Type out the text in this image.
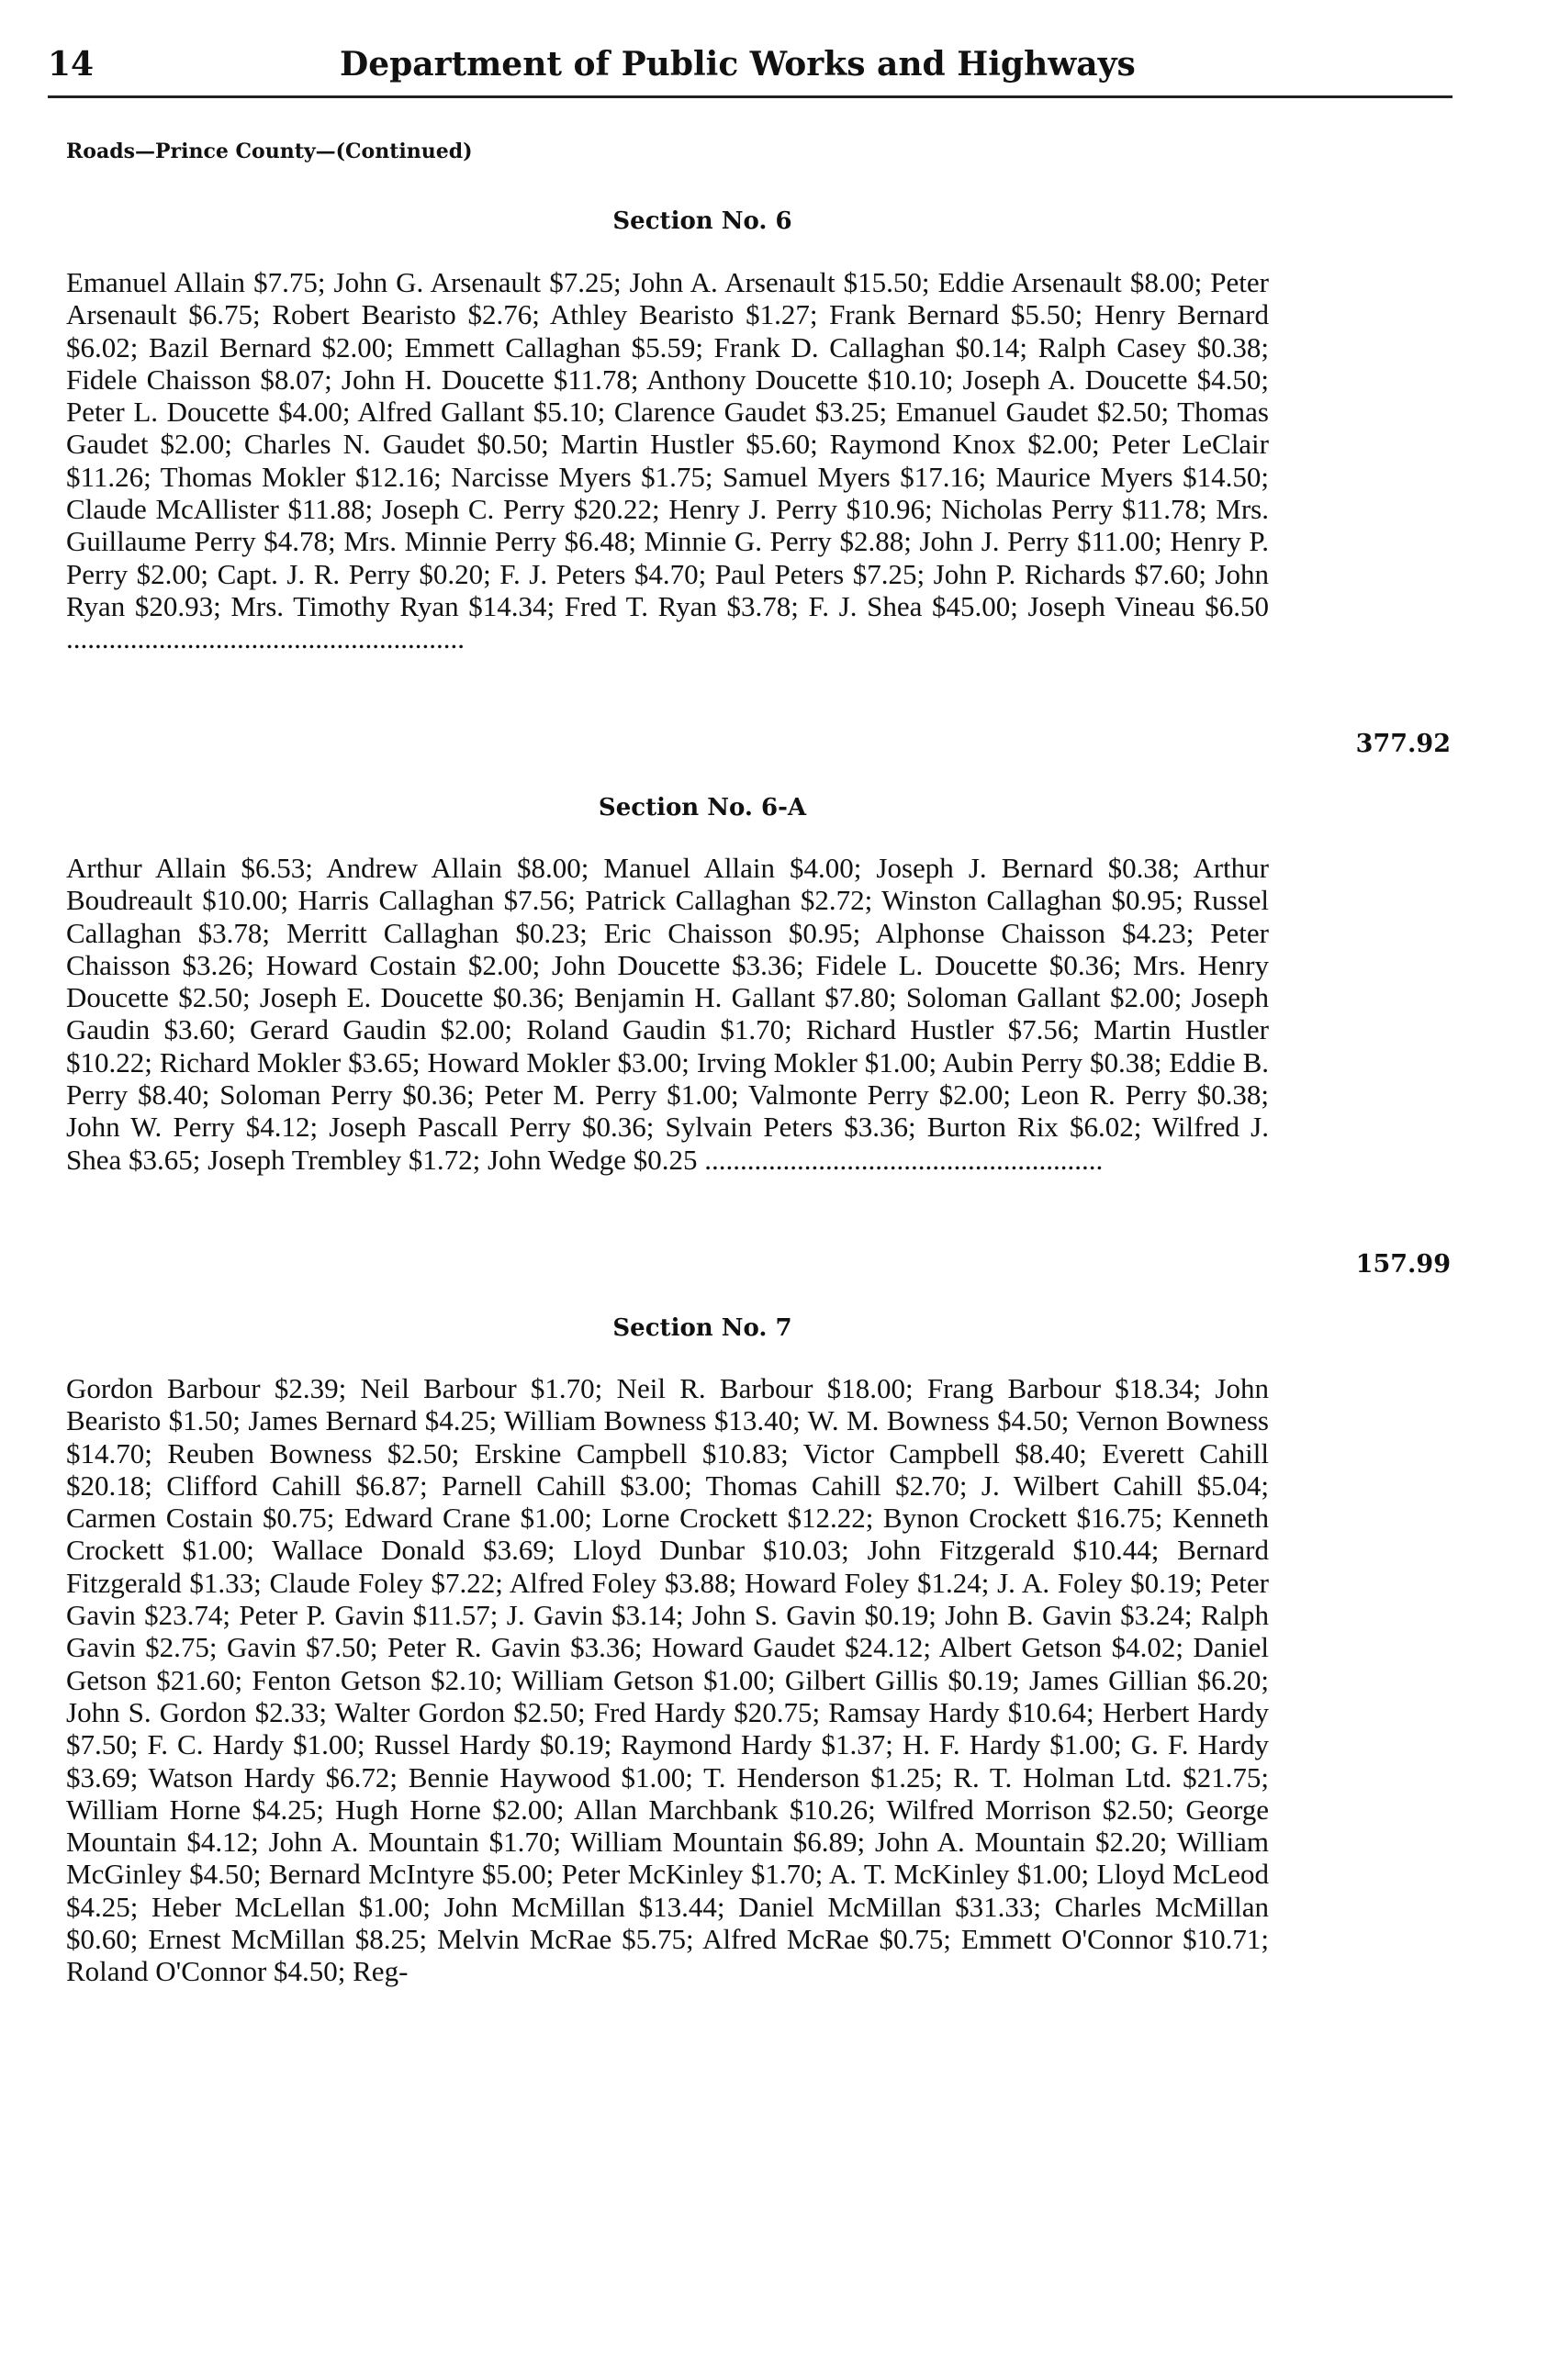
14	Department of Public Works and Highways
Roads—Prince County—(Continued)
Section No. 6
Emanuel Allain $7.75; John G. Arsenault $7.25; John A. Arsenault $15.50; Eddie Arsenault $8.00; Peter Arsenault $6.75; Robert Bearisto $2.76; Athley Bearisto $1.27; Frank Bernard $5.50; Henry Bernard $6.02; Bazil Bernard $2.00; Emmett Callaghan $5.59; Frank D. Callaghan $0.14; Ralph Casey $0.38; Fidele Chaisson $8.07; John H. Doucette $11.78; Anthony Doucette $10.10; Joseph A. Doucette $4.50; Peter L. Doucette $4.00; Alfred Gallant $5.10; Clarence Gaudet $3.25; Emanuel Gaudet $2.50; Thomas Gaudet $2.00; Charles N. Gaudet $0.50; Martin Hustler $5.60; Raymond Knox $2.00; Peter LeClair $11.26; Thomas Mokler $12.16; Narcisse Myers $1.75; Samuel Myers $17.16; Maurice Myers $14.50; Claude McAllister $11.88; Joseph C. Perry $20.22; Henry J. Perry $10.96; Nicholas Perry $11.78; Mrs. Guillaume Perry $4.78; Mrs. Minnie Perry $6.48; Minnie G. Perry $2.88; John J. Perry $11.00; Henry P. Perry $2.00; Capt. J. R. Perry $0.20; F. J. Peters $4.70; Paul Peters $7.25; John P. Richards $7.60; John Ryan $20.93; Mrs. Timothy Ryan $14.34; Fred T. Ryan $3.78; F. J. Shea $45.00; Joseph Vineau $6.50 ........................................................
377.92
Section No. 6-A
Arthur Allain $6.53; Andrew Allain $8.00; Manuel Allain $4.00; Joseph J. Bernard $0.38; Arthur Boudreault $10.00; Harris Callaghan $7.56; Patrick Callaghan $2.72; Winston Callaghan $0.95; Russel Callaghan $3.78; Merritt Callaghan $0.23; Eric Chaisson $0.95; Alphonse Chaisson $4.23; Peter Chaisson $3.26; Howard Costain $2.00; John Doucette $3.36; Fidele L. Doucette $0.36; Mrs. Henry Doucette $2.50; Joseph E. Doucette $0.36; Benjamin H. Gallant $7.80; Soloman Gallant $2.00; Joseph Gaudin $3.60; Gerard Gaudin $2.00; Roland Gaudin $1.70; Richard Hustler $7.56; Martin Hustler $10.22; Richard Mokler $3.65; Howard Mokler $3.00; Irving Mokler $1.00; Aubin Perry $0.38; Eddie B. Perry $8.40; Soloman Perry $0.36; Peter M. Perry $1.00; Valmonte Perry $2.00; Leon R. Perry $0.38; John W. Perry $4.12; Joseph Pascall Perry $0.36; Sylvain Peters $3.36; Burton Rix $6.02; Wilfred J. Shea $3.65; Joseph Trembley $1.72; John Wedge $0.25 ........................................................
157.99
Section No. 7
Gordon Barbour $2.39; Neil Barbour $1.70; Neil R. Barbour $18.00; Frang Barbour $18.34; John Bearisto $1.50; James Bernard $4.25; William Bowness $13.40; W. M. Bowness $4.50; Vernon Bowness $14.70; Reuben Bowness $2.50; Erskine Campbell $10.83; Victor Campbell $8.40; Everett Cahill $20.18; Clifford Cahill $6.87; Parnell Cahill $3.00; Thomas Cahill $2.70; J. Wilbert Cahill $5.04; Carmen Costain $0.75; Edward Crane $1.00; Lorne Crockett $12.22; Bynon Crockett $16.75; Kenneth Crockett $1.00; Wallace Donald $3.69; Lloyd Dunbar $10.03; John Fitzgerald $10.44; Bernard Fitzgerald $1.33; Claude Foley $7.22; Alfred Foley $3.88; Howard Foley $1.24; J. A. Foley $0.19; Peter Gavin $23.74; Peter P. Gavin $11.57; J. Gavin $3.14; John S. Gavin $0.19; John B. Gavin $3.24; Ralph Gavin $2.75; Gavin $7.50; Peter R. Gavin $3.36; Howard Gaudet $24.12; Albert Getson $4.02; Daniel Getson $21.60; Fenton Getson $2.10; William Getson $1.00; Gilbert Gillis $0.19; James Gillian $6.20; John S. Gordon $2.33; Walter Gordon $2.50; Fred Hardy $20.75; Ramsay Hardy $10.64; Herbert Hardy $7.50; F. C. Hardy $1.00; Russel Hardy $0.19; Raymond Hardy $1.37; H. F. Hardy $1.00; G. F. Hardy $3.69; Watson Hardy $6.72; Bennie Haywood $1.00; T. Henderson $1.25; R. T. Holman Ltd. $21.75; William Horne $4.25; Hugh Horne $2.00; Allan Marchbank $10.26; Wilfred Morrison $2.50; George Mountain $4.12; John A. Mountain $1.70; William Mountain $6.89; John A. Mountain $2.20; William McGinley $4.50; Bernard McIntyre $5.00; Peter McKinley $1.70; A. T. McKinley $1.00; Lloyd McLeod $4.25; Heber McLellan $1.00; John McMillan $13.44; Daniel McMillan $31.33; Charles McMillan $0.60; Ernest McMillan $8.25; Melvin McRae $5.75; Alfred McRae $0.75; Emmett O'Connor $10.71; Roland O'Connor $4.50; Reg-
